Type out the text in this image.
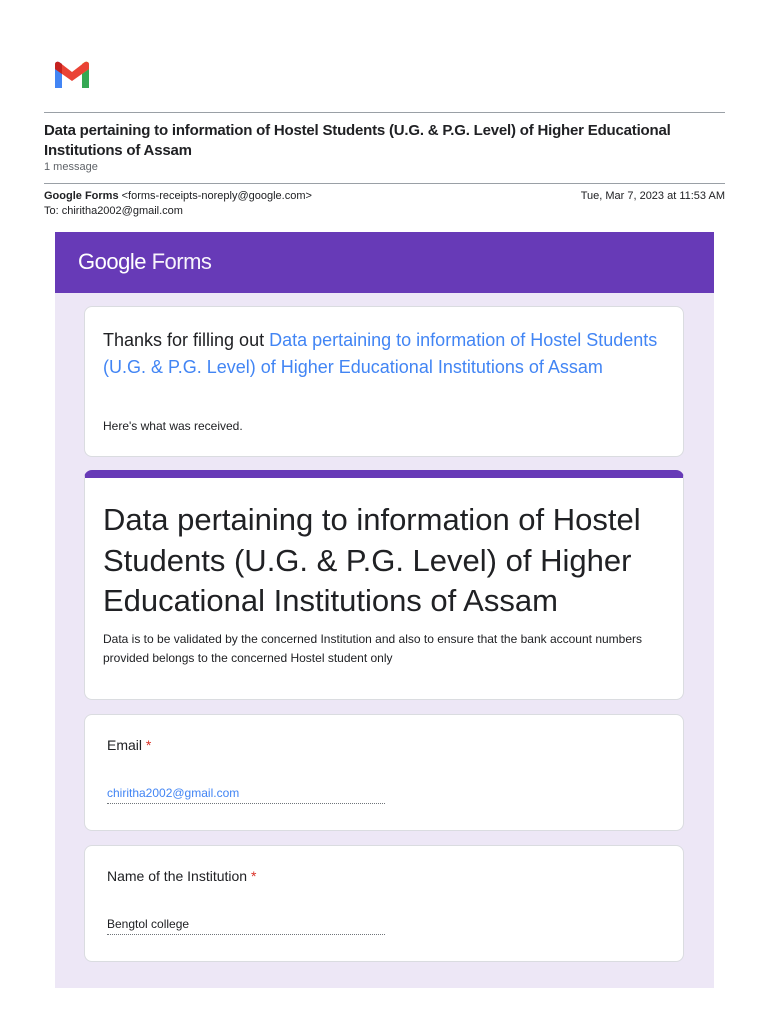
Data pertaining to information of Hostel Students (U.G. & P.G. Level) of Higher Educational Institutions of Assam
1 message
Google Forms <forms-receipts-noreply@google.com>
To: chiritha2002@gmail.com
Tue, Mar 7, 2023 at 11:53 AM
Google Forms
Thanks for filling out Data pertaining to information of Hostel Students (U.G. & P.G. Level) of Higher Educational Institutions of Assam
Here's what was received.
Data pertaining to information of Hostel Students (U.G. & P.G. Level) of Higher Educational Institutions of Assam
Data is to be validated by the concerned Institution and also to ensure that the bank account numbers provided belongs to the concerned Hostel student only
Email *
chiritha2002@gmail.com
Name of the Institution *
Bengtol college
